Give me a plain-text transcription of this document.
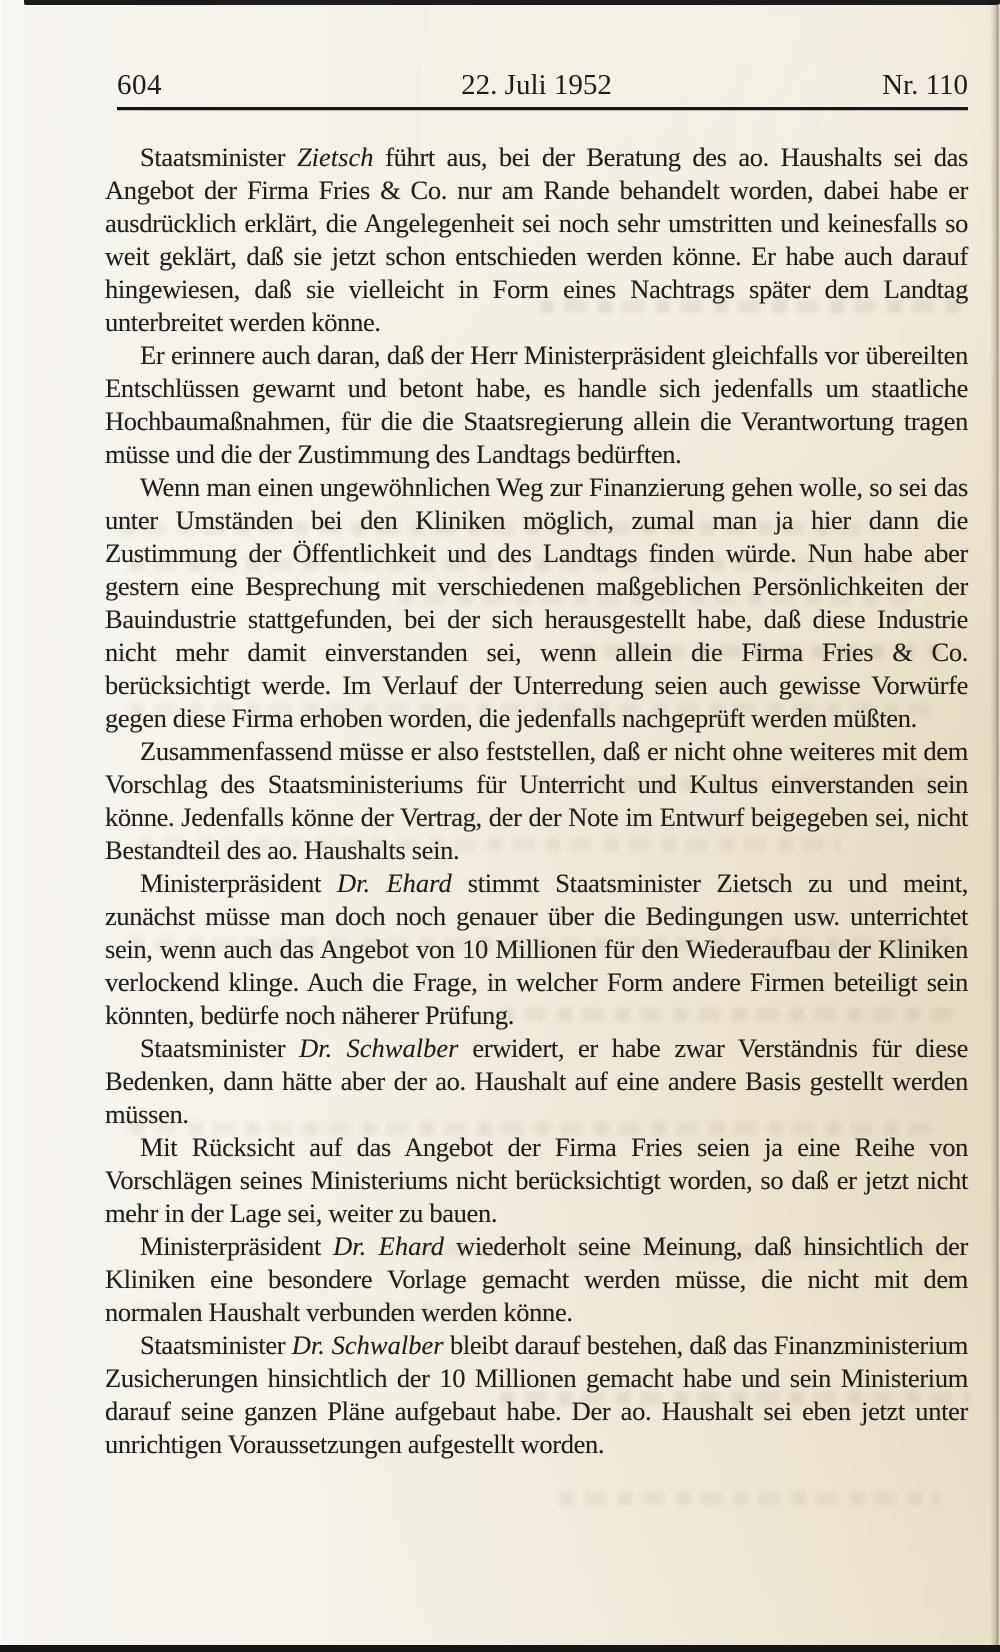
604	22. Juli 1952	Nr. 110

Staatsminister Zietsch führt aus, bei der Beratung des ao. Haushalts sei das Angebot der Firma Fries & Co. nur am Rande behandelt worden, dabei habe er ausdrücklich erklärt, die Angelegenheit sei noch sehr umstritten und keinesfalls so weit geklärt, daß sie jetzt schon entschieden werden könne. Er habe auch darauf hingewiesen, daß sie vielleicht in Form eines Nachtrags später dem Landtag unterbreitet werden könne.

Er erinnere auch daran, daß der Herr Ministerpräsident gleichfalls vor übereilten Entschlüssen gewarnt und betont habe, es handle sich jedenfalls um staatliche Hochbaumaßnahmen, für die die Staatsregierung allein die Verantwortung tragen müsse und die der Zustimmung des Landtags bedürften.

Wenn man einen ungewöhnlichen Weg zur Finanzierung gehen wolle, so sei das unter Umständen bei den Kliniken möglich, zumal man ja hier dann die Zustimmung der Öffentlichkeit und des Landtags finden würde. Nun habe aber gestern eine Besprechung mit verschiedenen maßgeblichen Persönlichkeiten der Bauindustrie stattgefunden, bei der sich herausgestellt habe, daß diese Industrie nicht mehr damit einverstanden sei, wenn allein die Firma Fries & Co. berücksichtigt werde. Im Verlauf der Unterredung seien auch gewisse Vorwürfe gegen diese Firma erhoben worden, die jedenfalls nachgeprüft werden müßten.

Zusammenfassend müsse er also feststellen, daß er nicht ohne weiteres mit dem Vorschlag des Staatsministeriums für Unterricht und Kultus einverstanden sein könne. Jedenfalls könne der Vertrag, der der Note im Entwurf beigegeben sei, nicht Bestandteil des ao. Haushalts sein.

Ministerpräsident Dr. Ehard stimmt Staatsminister Zietsch zu und meint, zunächst müsse man doch noch genauer über die Bedingungen usw. unterrichtet sein, wenn auch das Angebot von 10 Millionen für den Wiederaufbau der Kliniken verlockend klinge. Auch die Frage, in welcher Form andere Firmen beteiligt sein könnten, bedürfe noch näherer Prüfung.

Staatsminister Dr. Schwalber erwidert, er habe zwar Verständnis für diese Bedenken, dann hätte aber der ao. Haushalt auf eine andere Basis gestellt werden müssen.

Mit Rücksicht auf das Angebot der Firma Fries seien ja eine Reihe von Vorschlägen seines Ministeriums nicht berücksichtigt worden, so daß er jetzt nicht mehr in der Lage sei, weiter zu bauen.

Ministerpräsident Dr. Ehard wiederholt seine Meinung, daß hinsichtlich der Kliniken eine besondere Vorlage gemacht werden müsse, die nicht mit dem normalen Haushalt verbunden werden könne.

Staatsminister Dr. Schwalber bleibt darauf bestehen, daß das Finanzministerium Zusicherungen hinsichtlich der 10 Millionen gemacht habe und sein Ministerium darauf seine ganzen Pläne aufgebaut habe. Der ao. Haushalt sei eben jetzt unter unrichtigen Voraussetzungen aufgestellt worden.
